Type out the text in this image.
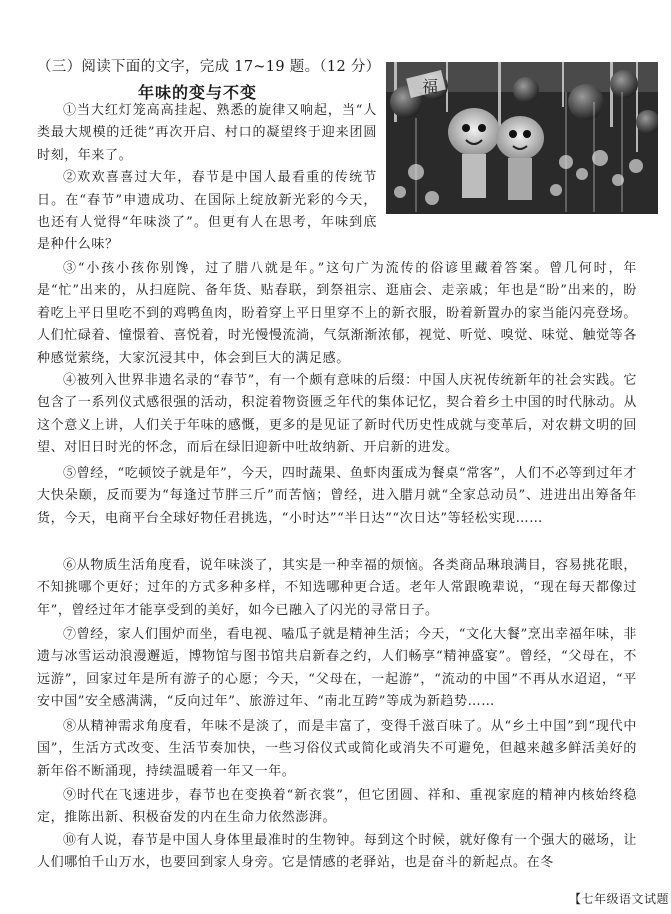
（三）阅读下面的文字，完成 17~19 题。（12 分）
年味的变与不变	福

①当大红灯笼高高挂起、熟悉的旋律又响起，当“人类最大规模的迁徙”再次开启、村口的凝望终于迎来团圆时刻，年来了。

②欢欢喜喜过大年，春节是中国人最看重的传统节日。在“春节”申遗成功、在国际上绽放新光彩的今天，也还有人觉得“年味淡了”。但更有人在思考，年味到底是种什么味？

③“小孩小孩你别馋，过了腊八就是年。”这句广为流传的俗谚里藏着答案。曾几何时，年是“忙”出来的，从扫庭院、备年货、贴春联，到祭祖宗、逛庙会、走亲戚；年也是“盼”出来的，盼着吃上平日里吃不到的鸡鸭鱼肉，盼着穿上平日里穿不上的新衣服，盼着新置办的家当能闪亮登场。人们忙碌着、憧憬着、喜悦着，时光慢慢流淌，气氛渐渐浓郁，视觉、听觉、嗅觉、味觉、触觉等各种感觉萦绕，大家沉浸其中，体会到巨大的满足感。

④被列入世界非遗名录的“春节”，有一个颇有意味的后缀：中国人庆祝传统新年的社会实践。它包含了一系列仪式感很强的活动，积淀着物资匮乏年代的集体记忆，契合着乡土中国的时代脉动。从这个意义上讲，人们关于年味的感慨，更多的是见证了新时代历史性成就与变革后，对农耕文明的回望、对旧日时光的怀念，而后在绿旧迎新中吐故纳新、开启新的进发。

⑤曾经，“吃顿饺子就是年”，今天，四时蔬果、鱼虾肉蛋成为餐桌“常客”，人们不必等到过年才大快朵颐，反而要为“每逢过节胖三斤”而苦恼；曾经，进入腊月就“全家总动员”、进进出出筹备年货，今天，电商平台全球好物任君挑选，“小时达”“半日达”“次日达”等轻松实现……

⑥从物质生活角度看，说年味淡了，其实是一种幸福的烦恼。各类商品琳琅满目，容易挑花眼，不知挑哪个更好；过年的方式多种多样，不知选哪种更合适。老年人常跟晚辈说，“现在每天都像过年”，曾经过年才能享受到的美好，如今已融入了闪光的寻常日子。

⑦曾经，家人们围炉而坐，看电视、嗑瓜子就是精神生活；今天，“文化大餐”烹出幸福年味，非遗与冰雪运动浪漫邂逅，博物馆与图书馆共启新春之约，人们畅享“精神盛宴”。曾经，“父母在，不远游”，回家过年是所有游子的心愿；今天，“父母在，一起游”，“流动的中国”不再从水迢迢，“平安中国”安全感满满，“反向过年”、旅游过年、“南北互跨”等成为新趋势……

⑧从精神需求角度看，年味不是淡了，而是丰富了，变得千滋百味了。从“乡土中国”到“现代中国”，生活方式改变、生活节奏加快，一些习俗仪式或简化或消失不可避免，但越来越多鲜活美好的新年俗不断涌现，持续温暖着一年又一年。

⑨时代在飞速进步，春节也在变换着“新衣裳”，但它团圆、祥和、重视家庭的精神内核始终稳定，推陈出新、积极奋发的内在生命力依然澎湃。

⑩有人说，春节是中国人身体里最准时的生物钟。每到这个时候，就好像有一个强大的磁场，让人们哪怕千山万水，也要回到家人身旁。它是情感的老驿站，也是奋斗的新起点。在冬

【七年级语文试题
